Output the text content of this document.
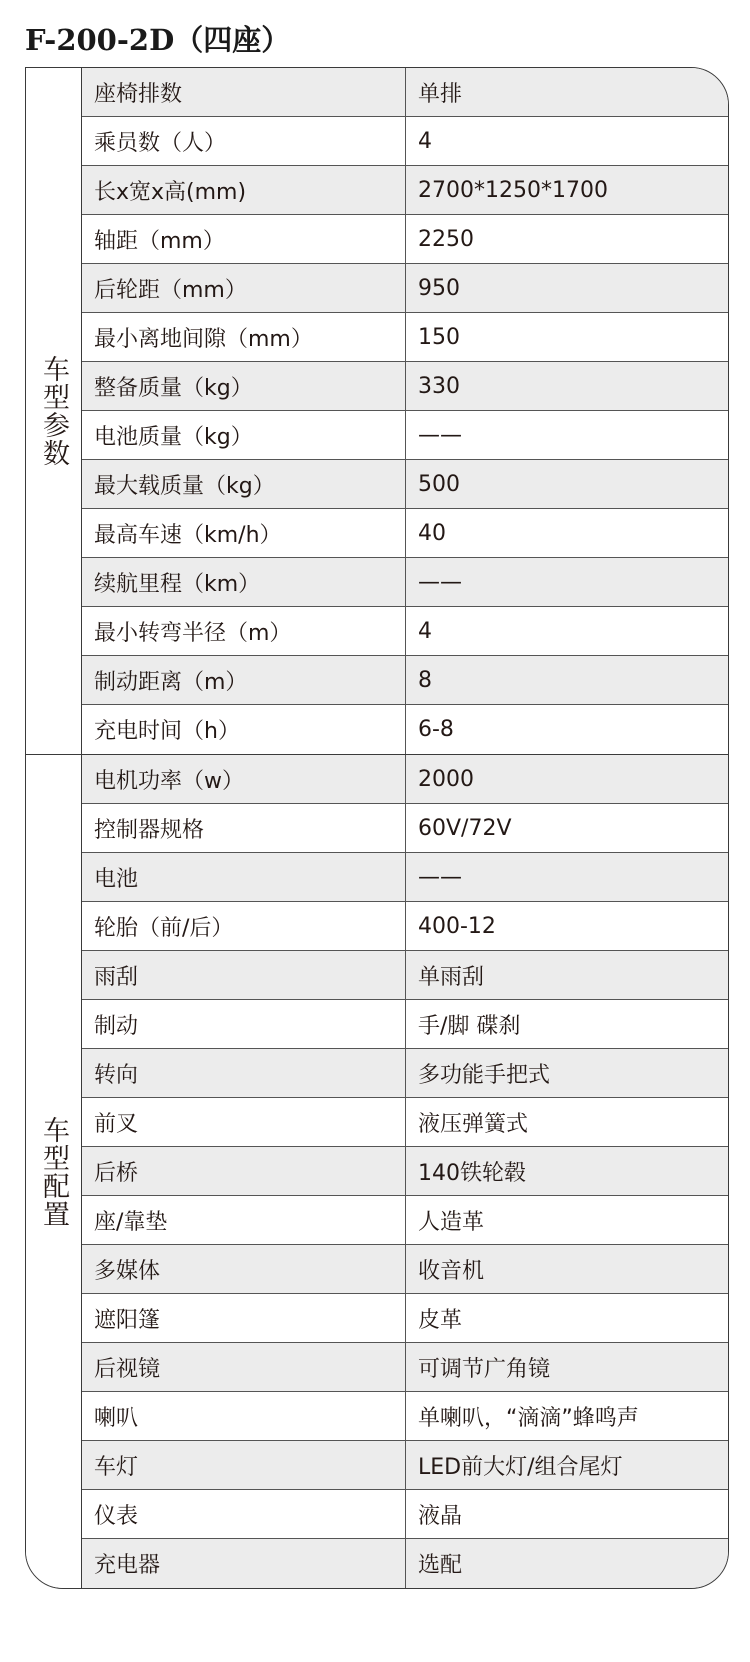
F-200-2D（四座）
车型参数
座椅排数	单排
乘员数（人）	4
长x宽x高(mm)	2700*1250*1700
轴距（mm）	2250
后轮距（mm）	950
最小离地间隙（mm）	150
整备质量（kg）	330
电池质量（kg）	——
最大载质量（kg）	500
最高车速（km/h）	40
续航里程（km）	——
最小转弯半径（m）	4
制动距离（m）	8
充电时间（h）	6-8
车型配置
电机功率（w）	2000
控制器规格	60V/72V
电池	——
轮胎（前/后）	400-12
雨刮	单雨刮
制动	手/脚 碟刹
转向	多功能手把式
前叉	液压弹簧式
后桥	140铁轮毂
座/靠垫	人造革
多媒体	收音机
遮阳篷	皮革
后视镜	可调节广角镜
喇叭	单喇叭，“滴滴”蜂鸣声
车灯	LED前大灯/组合尾灯
仪表	液晶
充电器	选配
